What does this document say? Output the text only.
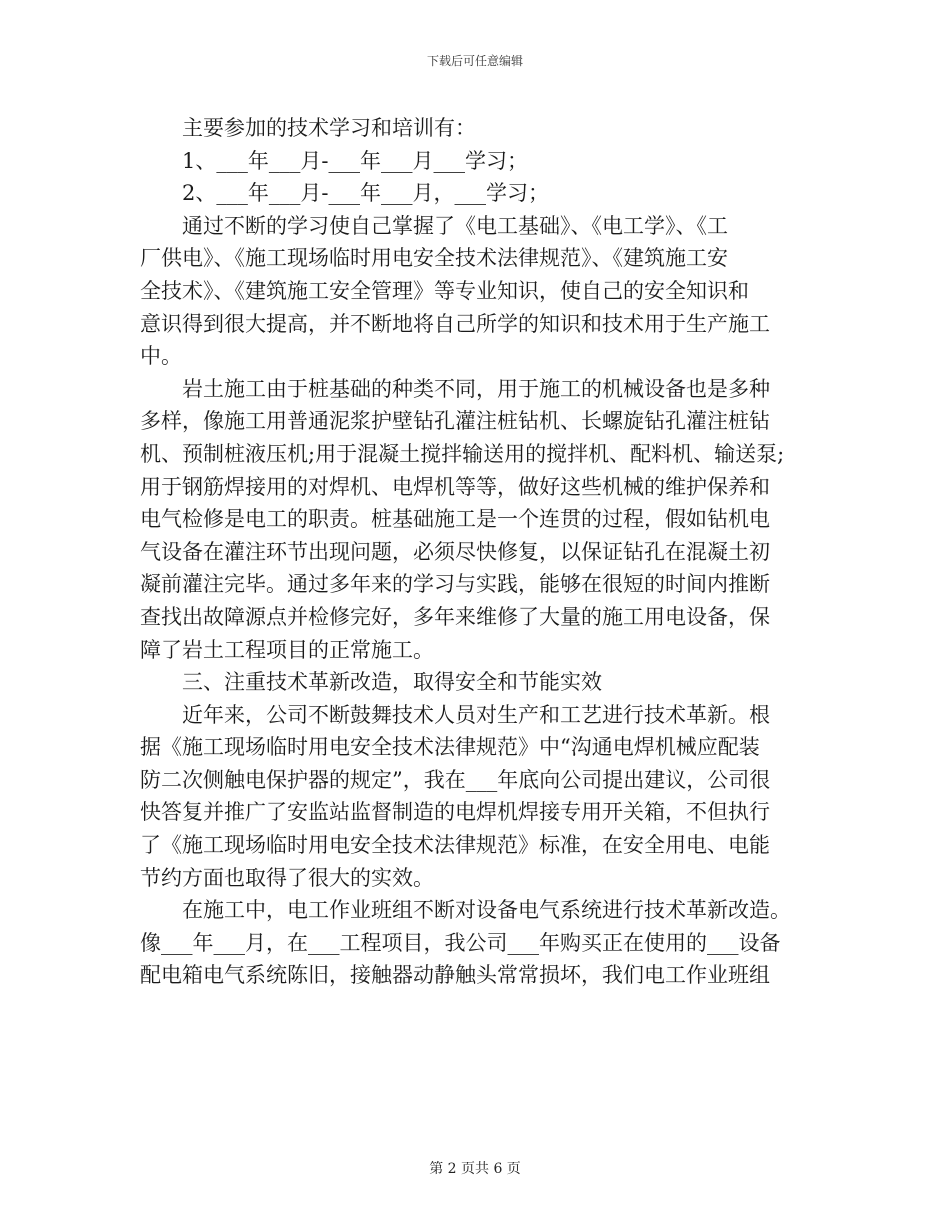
下载后可任意编辑

　　主要参加的技术学习和培训有：

　　1、___年___月-___年___月___学习；

　　2、___年___月-___年___月，___学习；

　　通过不断的学习使自己掌握了《电工基础》、《电工学》、《工

厂供电》、《施工现场临时用电安全技术法律规范》、《建筑施工安

全技术》、《建筑施工安全管理》等专业知识，使自己的安全知识和

意识得到很大提高，并不断地将自己所学的知识和技术用于生产施工

中。

　　岩土施工由于桩基础的种类不同，用于施工的机械设备也是多种

多样，像施工用普通泥浆护壁钻孔灌注桩钻机、长螺旋钻孔灌注桩钻

机、预制桩液压机;用于混凝土搅拌输送用的搅拌机、配料机、输送泵;

用于钢筋焊接用的对焊机、电焊机等等，做好这些机械的维护保养和

电气检修是电工的职责。桩基础施工是一个连贯的过程，假如钻机电

气设备在灌注环节出现问题，必须尽快修复，以保证钻孔在混凝土初

凝前灌注完毕。通过多年来的学习与实践，能够在很短的时间内推断

查找出故障源点并检修完好，多年来维修了大量的施工用电设备，保

障了岩土工程项目的正常施工。

　　三、注重技术革新改造，取得安全和节能实效

　　近年来，公司不断鼓舞技术人员对生产和工艺进行技术革新。根

据《施工现场临时用电安全技术法律规范》中“沟通电焊机械应配装

防二次侧触电保护器的规定”，我在___年底向公司提出建议，公司很

快答复并推广了安监站监督制造的电焊机焊接专用开关箱，不但执行

了《施工现场临时用电安全技术法律规范》标准，在安全用电、电能

节约方面也取得了很大的实效。

　　在施工中，电工作业班组不断对设备电气系统进行技术革新改造。

像___年___月，在___工程项目，我公司___年购买正在使用的___设备

配电箱电气系统陈旧，接触器动静触头常常损坏，我们电工作业班组

第 2 页共 6 页
